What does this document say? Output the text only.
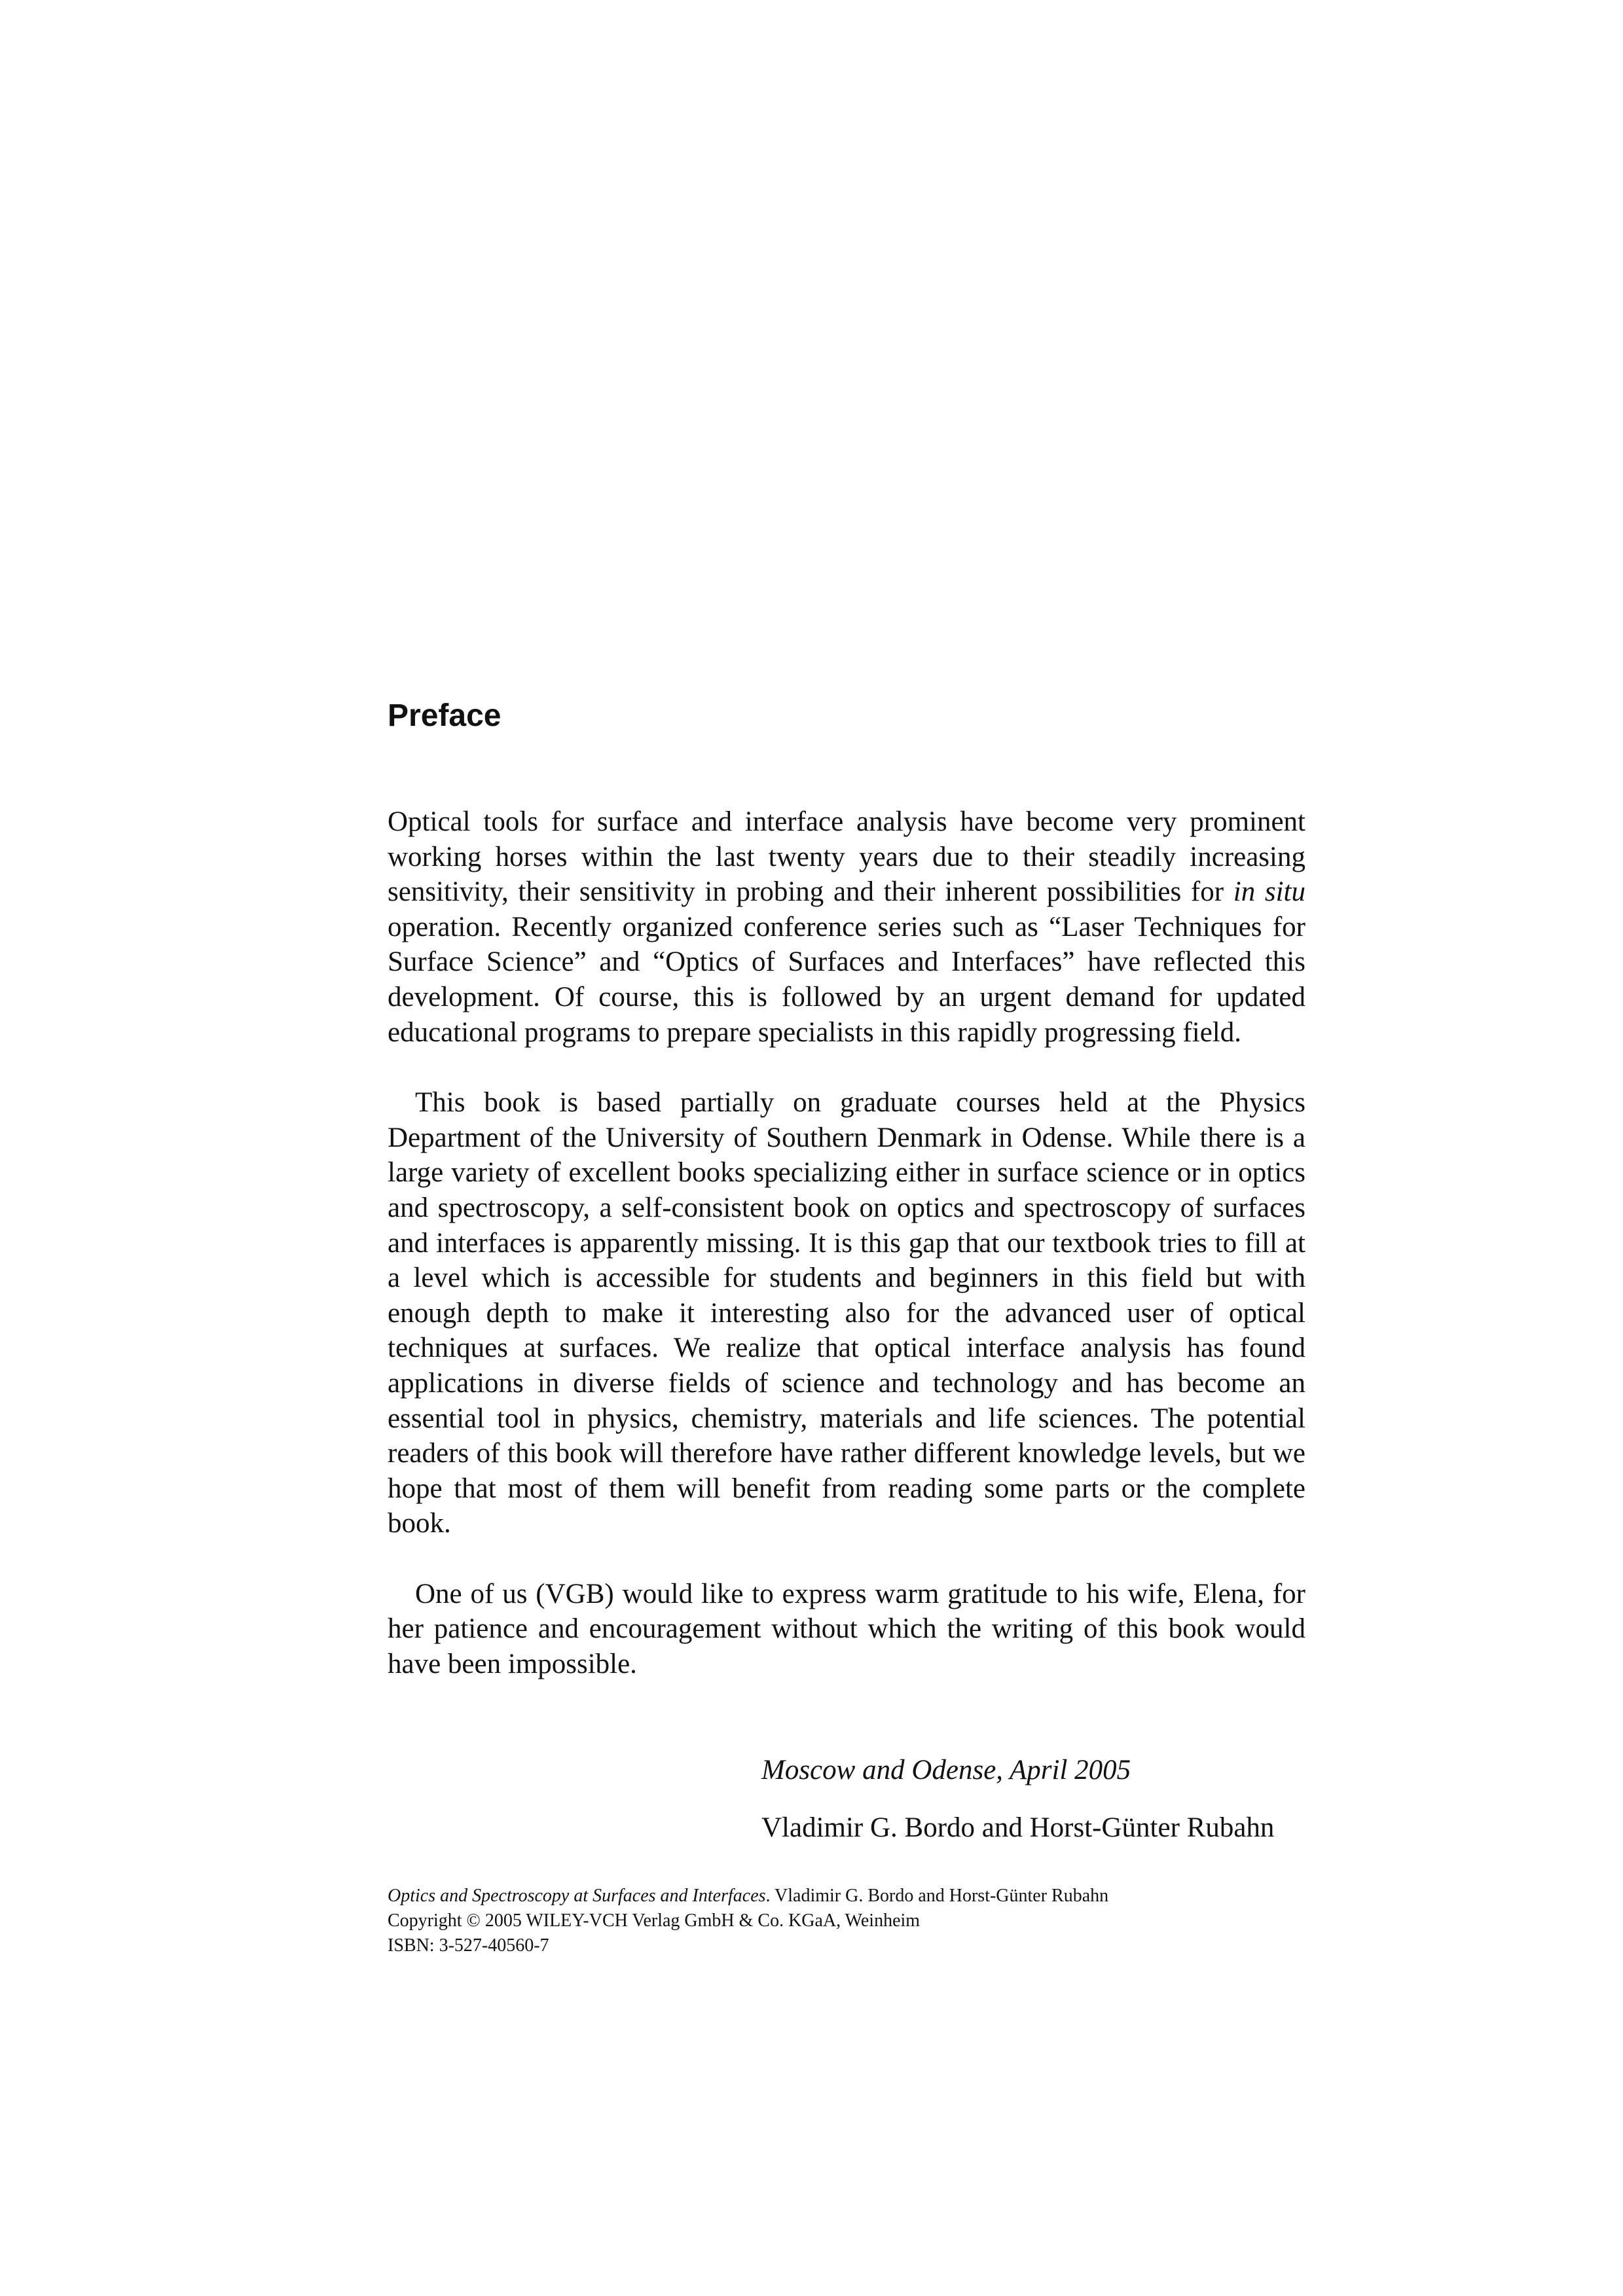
Preface

Optical tools for surface and interface analysis have become very prominent working horses within the last twenty years due to their steadily increasing sensitivity, their sensitivity in probing and their inherent possibilities for in situ operation. Recently organized conference series such as “Laser Techniques for Surface Science” and “Optics of Surfaces and Interfaces” have reflected this development. Of course, this is followed by an urgent demand for updated educational programs to prepare specialists in this rapidly progressing field.

This book is based partially on graduate courses held at the Physics Department of the University of Southern Denmark in Odense. While there is a large variety of excellent books specializing either in surface science or in optics and spectroscopy, a self-consistent book on optics and spectroscopy of surfaces and interfaces is apparently missing. It is this gap that our textbook tries to fill at a level which is accessible for students and beginners in this field but with enough depth to make it interesting also for the advanced user of optical techniques at surfaces. We realize that optical interface analysis has found applications in diverse fields of science and technology and has become an essential tool in physics, chemistry, materials and life sciences. The potential readers of this book will therefore have rather different knowledge levels, but we hope that most of them will benefit from reading some parts or the complete book.

One of us (VGB) would like to express warm gratitude to his wife, Elena, for her patience and encouragement without which the writing of this book would have been impossible.

Moscow and Odense, April 2005

Vladimir G. Bordo and Horst-Günter Rubahn

Optics and Spectroscopy at Surfaces and Interfaces. Vladimir G. Bordo and Horst-Günter Rubahn

Copyright © 2005 WILEY-VCH Verlag GmbH & Co. KGaA, Weinheim

ISBN: 3-527-40560-7
